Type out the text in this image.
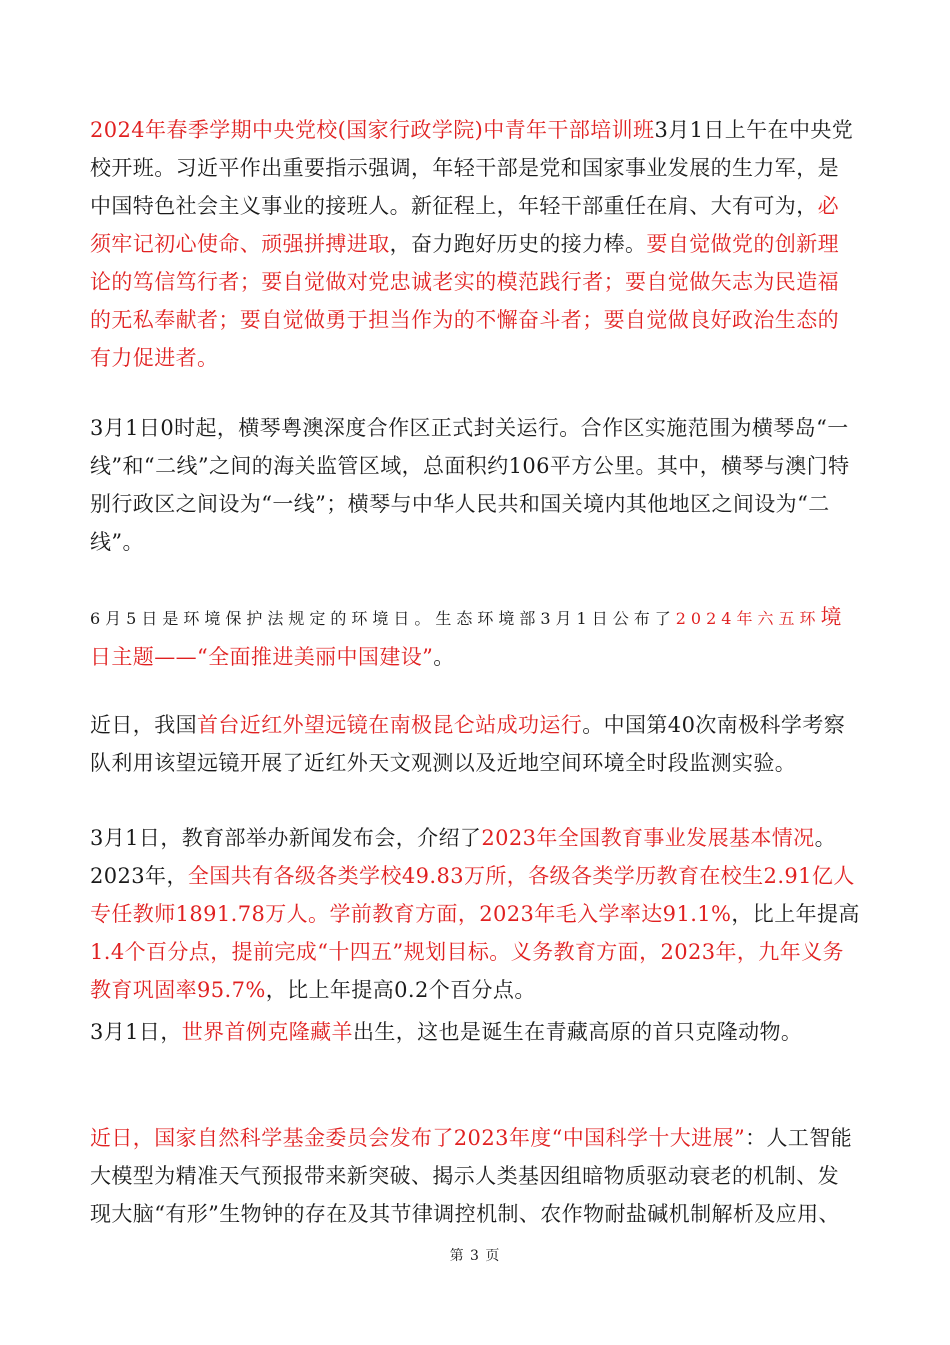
2024年春季学期中央党校(国家行政学院)中青年干部培训班3月1日上午在中央党校开班。习近平作出重要指示强调，年轻干部是党和国家事业发展的生力军，是中国特色社会主义事业的接班人。新征程上，年轻干部重任在肩、大有可为，必须牢记初心使命、顽强拼搏进取，奋力跑好历史的接力棒。要自觉做党的创新理论的笃信笃行者；要自觉做对党忠诚老实的模范践行者；要自觉做矢志为民造福的无私奉献者；要自觉做勇于担当作为的不懈奋斗者；要自觉做良好政治生态的有力促进者。
3月1日0时起，横琴粤澳深度合作区正式封关运行。合作区实施范围为横琴岛“一线”和“二线”之间的海关监管区域，总面积约106平方公里。其中，横琴与澳门特别行政区之间设为“一线”；横琴与中华人民共和国关境内其他地区之间设为“二线”。
6月5日是环境保护法规定的环境日。生态环境部3月1日公布了2024年六五环境日主题——“全面推进美丽中国建设”。
近日，我国首台近红外望远镜在南极昆仑站成功运行。中国第40次南极科学考察队利用该望远镜开展了近红外天文观测以及近地空间环境全时段监测实验。
3月1日，教育部举办新闻发布会，介绍了2023年全国教育事业发展基本情况。2023年，全国共有各级各类学校49.83万所，各级各类学历教育在校生2.91亿人专任教师1891.78万人。学前教育方面，2023年毛入学率达91.1%，比上年提高1.4个百分点，提前完成“十四五”规划目标。义务教育方面，2023年，九年义务教育巩固率95.7%，比上年提高0.2个百分点。
3月1日，世界首例克隆藏羊出生，这也是诞生在青藏高原的首只克隆动物。
近日，国家自然科学基金委员会发布了2023年度“中国科学十大进展”：人工智能大模型为精准天气预报带来新突破、揭示人类基因组暗物质驱动衰老的机制、发现大脑“有形”生物钟的存在及其节律调控机制、农作物耐盐碱机制解析及应用、
第 3 页
